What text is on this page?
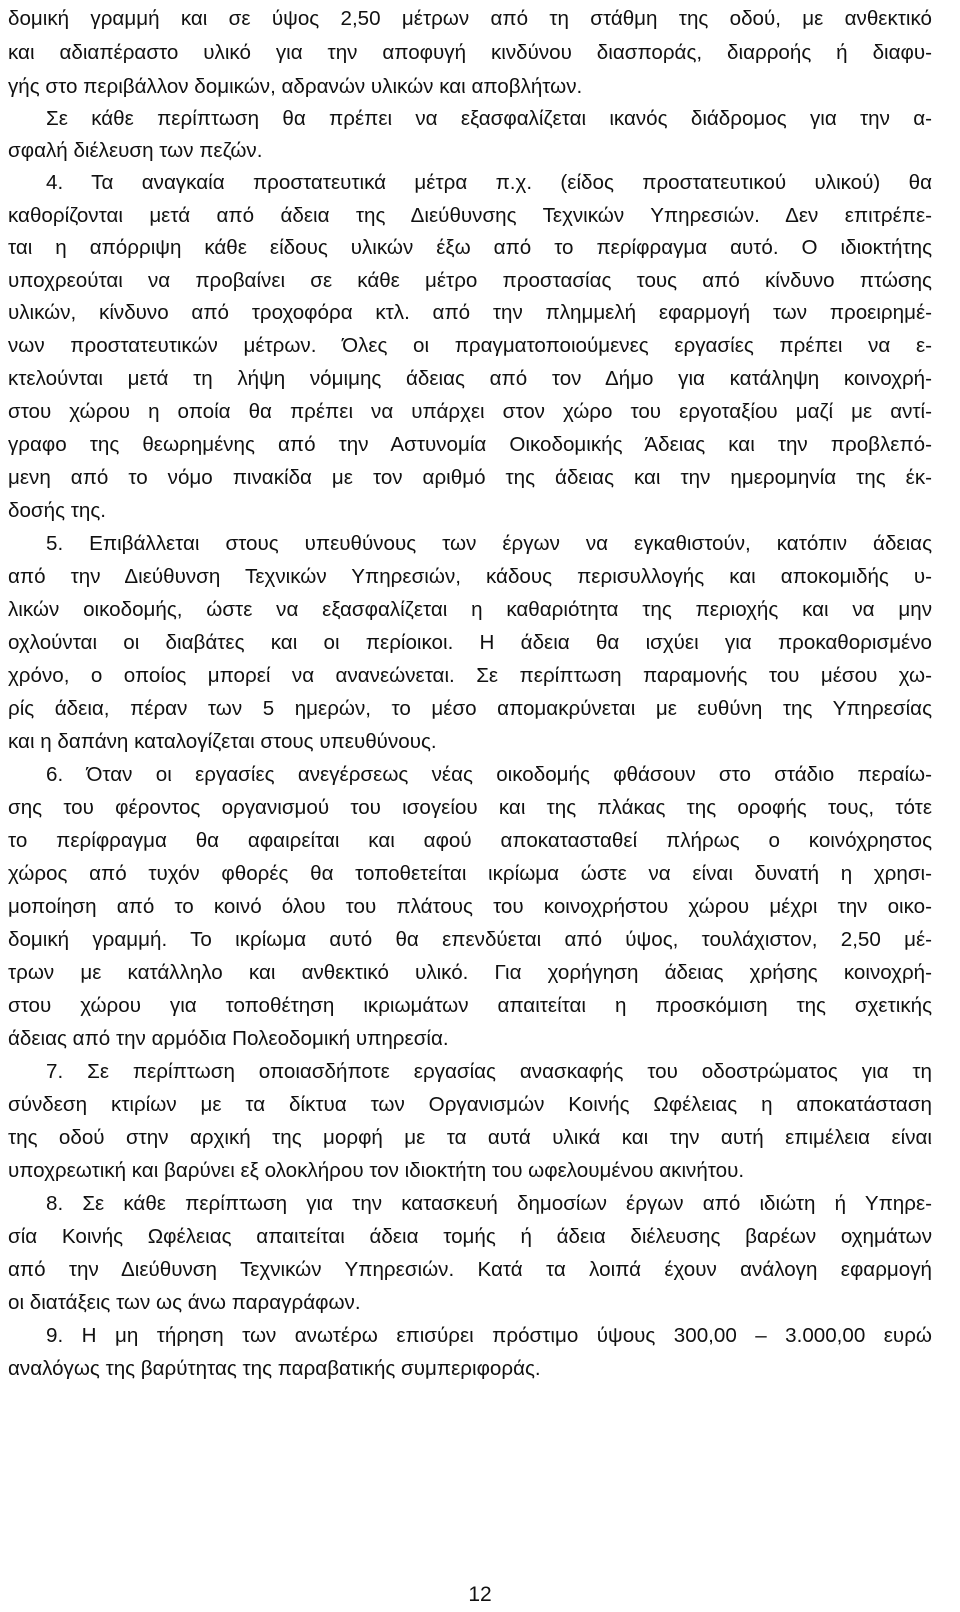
δομική γραμμή και σε ύψος 2,50 μέτρων από τη στάθμη της οδού, με ανθεκτικό
και αδιαπέραστο υλικό για την αποφυγή κινδύνου διασποράς, διαρροής ή διαφυ-
γής στο περιβάλλον δομικών, αδρανών υλικών και αποβλήτων.
Σε κάθε περίπτωση θα πρέπει να εξασφαλίζεται ικανός διάδρομος για την α-
σφαλή διέλευση των πεζών.
4. Τα αναγκαία προστατευτικά μέτρα π.χ. (είδος προστατευτικού υλικού) θα
καθορίζονται μετά από άδεια της Διεύθυνσης Τεχνικών Υπηρεσιών. Δεν επιτρέπε-
ται η απόρριψη κάθε είδους υλικών έξω από το περίφραγμα αυτό. Ο ιδιοκτήτης
υποχρεούται να προβαίνει σε κάθε μέτρο προστασίας τους από κίνδυνο πτώσης
υλικών, κίνδυνο από τροχοφόρα κτλ. από την πλημμελή εφαρμογή των προειρημέ-
νων προστατευτικών μέτρων. Όλες οι πραγματοποιούμενες εργασίες πρέπει να ε-
κτελούνται μετά τη λήψη νόμιμης άδειας από τον Δήμο για κατάληψη κοινοχρή-
στου χώρου η οποία θα πρέπει να υπάρχει στον χώρο του εργοταξίου μαζί με αντί-
γραφο της θεωρημένης από την Αστυνομία Οικοδομικής Άδειας και την προβλεπό-
μενη από το νόμο πινακίδα με τον αριθμό της άδειας και την ημερομηνία της έκ-
δοσής της.
5. Επιβάλλεται στους υπευθύνους των έργων να εγκαθιστούν, κατόπιν άδειας
από την Διεύθυνση Τεχνικών Υπηρεσιών, κάδους περισυλλογής και αποκομιδής υ-
λικών οικοδομής, ώστε να εξασφαλίζεται η καθαριότητα της περιοχής και να μην
οχλούνται οι διαβάτες και οι περίοικοι. Η άδεια θα ισχύει για προκαθορισμένο
χρόνο, ο οποίος μπορεί να ανανεώνεται. Σε περίπτωση παραμονής του μέσου χω-
ρίς άδεια, πέραν των 5 ημερών, το μέσο απομακρύνεται με ευθύνη της Υπηρεσίας
και η δαπάνη καταλογίζεται στους υπευθύνους.
6. Όταν οι εργασίες ανεγέρσεως νέας οικοδομής φθάσουν στο στάδιο περαίω-
σης του φέροντος οργανισμού του ισογείου και της πλάκας της οροφής τους, τότε
το περίφραγμα θα αφαιρείται και αφού αποκατασταθεί πλήρως ο κοινόχρηστος
χώρος από τυχόν φθορές θα τοποθετείται ικρίωμα ώστε να είναι δυνατή η χρησι-
μοποίηση από το κοινό όλου του πλάτους του κοινοχρήστου χώρου μέχρι την οικο-
δομική γραμμή. Το ικρίωμα αυτό θα επενδύεται από ύψος, τουλάχιστον, 2,50 μέ-
τρων με κατάλληλο και ανθεκτικό υλικό. Για χορήγηση άδειας χρήσης κοινοχρή-
στου χώρου για τοποθέτηση ικριωμάτων απαιτείται η προσκόμιση της σχετικής
άδειας από την αρμόδια Πολεοδομική υπηρεσία.
7. Σε περίπτωση οποιασδήποτε εργασίας ανασκαφής του οδοστρώματος για τη
σύνδεση κτιρίων με τα δίκτυα των Οργανισμών Κοινής Ωφέλειας η αποκατάσταση
της οδού στην αρχική της μορφή με τα αυτά υλικά και την αυτή επιμέλεια είναι
υποχρεωτική και βαρύνει εξ ολοκλήρου τον ιδιοκτήτη του ωφελουμένου ακινήτου.
8. Σε κάθε περίπτωση για την κατασκευή δημοσίων έργων από ιδιώτη ή Υπηρε-
σία Κοινής Ωφέλειας απαιτείται άδεια τομής ή άδεια διέλευσης βαρέων οχημάτων
από την Διεύθυνση Τεχνικών Υπηρεσιών. Κατά τα λοιπά έχουν ανάλογη εφαρμογή
οι διατάξεις των ως άνω παραγράφων.
9. Η μη τήρηση των ανωτέρω επισύρει πρόστιμο ύψους 300,00 – 3.000,00 ευρώ
αναλόγως της βαρύτητας της παραβατικής συμπεριφοράς.
12
